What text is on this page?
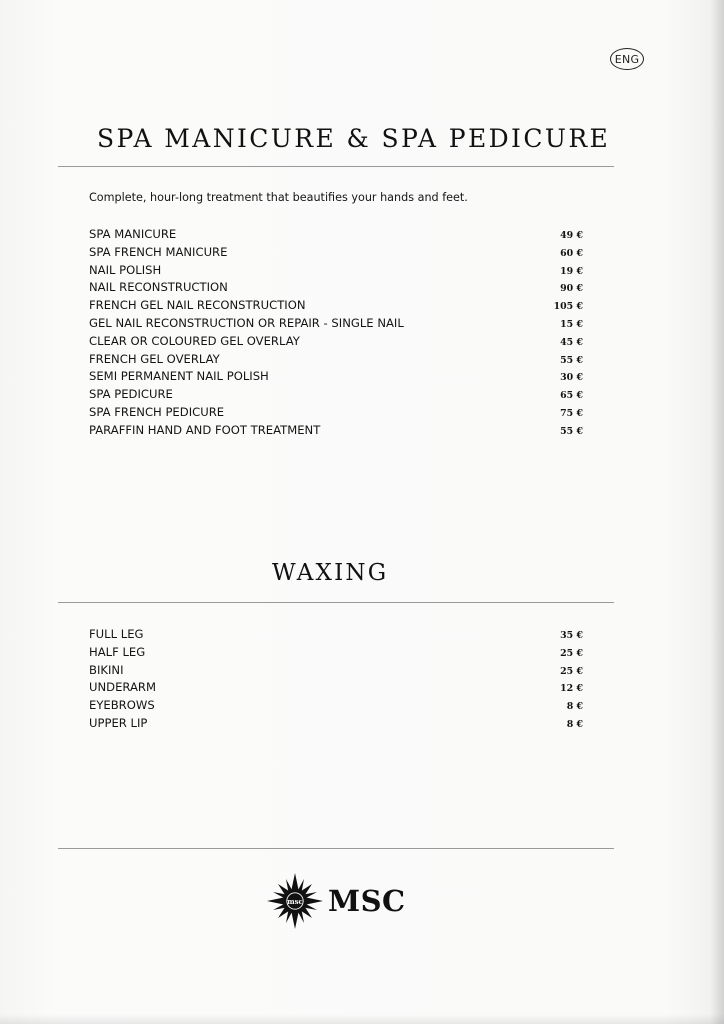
ENG
SPA MANICURE & SPA PEDICURE
Complete, hour-long treatment that beautifies your hands and feet.
SPA MANICURE	49 €
SPA FRENCH MANICURE	60 €
NAIL POLISH	19 €
NAIL RECONSTRUCTION	90 €
FRENCH GEL NAIL RECONSTRUCTION	105 €
GEL NAIL RECONSTRUCTION OR REPAIR - SINGLE NAIL	15 €
CLEAR OR COLOURED GEL OVERLAY	45 €
FRENCH GEL OVERLAY	55 €
SEMI PERMANENT NAIL POLISH	30 €
SPA PEDICURE	65 €
SPA FRENCH PEDICURE	75 €
PARAFFIN HAND AND FOOT TREATMENT	55 €
WAXING
FULL LEG	35 €
HALF LEG	25 €
BIKINI	25 €
UNDERARM	12 €
EYEBROWS	8 €
UPPER LIP	8 €
msc MSC
